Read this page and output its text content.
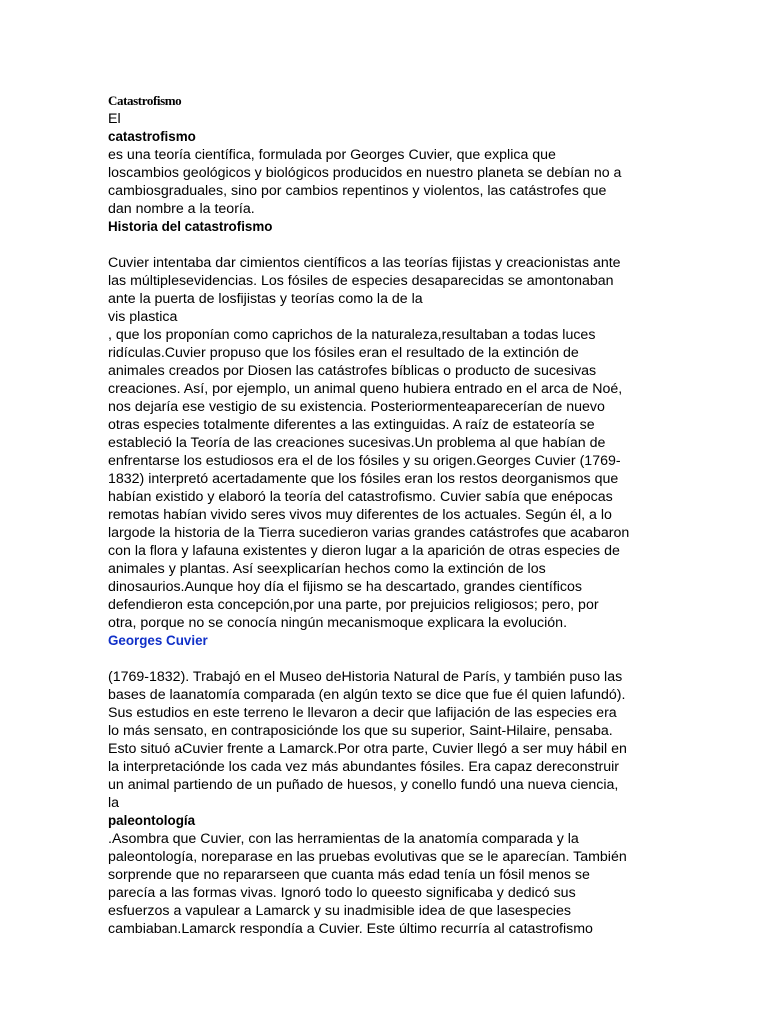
Catastrofismo
El
catastrofismo
es una teoría científica, formulada por Georges Cuvier, que explica que
loscambios geológicos y biológicos producidos en nuestro planeta se debían no a
cambiosgraduales, sino por cambios repentinos y violentos, las catástrofes que
dan nombre a la teoría.
Historia del catastrofismo
Cuvier intentaba dar cimientos científicos a las teorías fijistas y creacionistas ante
las múltiplesevidencias. Los fósiles de especies desaparecidas se amontonaban
ante la puerta de losfijistas y teorías como la de la
vis plastica
, que los proponían como caprichos de la naturaleza,resultaban a todas luces
ridículas.Cuvier propuso que los fósiles eran el resultado de la extinción de
animales creados por Diosen las catástrofes bíblicas o producto de sucesivas
creaciones. Así, por ejemplo, un animal queno hubiera entrado en el arca de Noé,
nos dejaría ese vestigio de su existencia. Posteriormenteaparecerían de nuevo
otras especies totalmente diferentes a las extinguidas. A raíz de estateoría se
estableció la Teoría de las creaciones sucesivas.Un problema al que habían de
enfrentarse los estudiosos era el de los fósiles y su origen.Georges Cuvier (1769-
1832) interpretó acertadamente que los fósiles eran los restos deorganismos que
habían existido y elaboró la teoría del catastrofismo. Cuvier sabía que enépocas
remotas habían vivido seres vivos muy diferentes de los actuales. Según él, a lo
largode la historia de la Tierra sucedieron varias grandes catástrofes que acabaron
con la flora y lafauna existentes y dieron lugar a la aparición de otras especies de
animales y plantas. Así seexplicarían hechos como la extinción de los
dinosaurios.Aunque hoy día el fijismo se ha descartado, grandes científicos
defendieron esta concepción,por una parte, por prejuicios religiosos; pero, por
otra, porque no se conocía ningún mecanismoque explicara la evolución.
Georges Cuvier
(1769-1832). Trabajó en el Museo deHistoria Natural de París, y también puso las
bases de laanatomía comparada (en algún texto se dice que fue él quien lafundó).
Sus estudios en este terreno le llevaron a decir que lafijación de las especies era
lo más sensato, en contraposiciónde los que su superior, Saint-Hilaire, pensaba.
Esto situó aCuvier frente a Lamarck.Por otra parte, Cuvier llegó a ser muy hábil en
la interpretaciónde los cada vez más abundantes fósiles. Era capaz dereconstruir
un animal partiendo de un puñado de huesos, y conello fundó una nueva ciencia,
la
paleontología
.Asombra que Cuvier, con las herramientas de la anatomía comparada y la
paleontología, noreparase en las pruebas evolutivas que se le aparecían. También
sorprende que no repararseen que cuanta más edad tenía un fósil menos se
parecía a las formas vivas. Ignoró todo lo queesto significaba y dedicó sus
esfuerzos a vapulear a Lamarck y su inadmisible idea de que lasespecies
cambiaban.Lamarck respondía a Cuvier. Este último recurría al catastrofismo
